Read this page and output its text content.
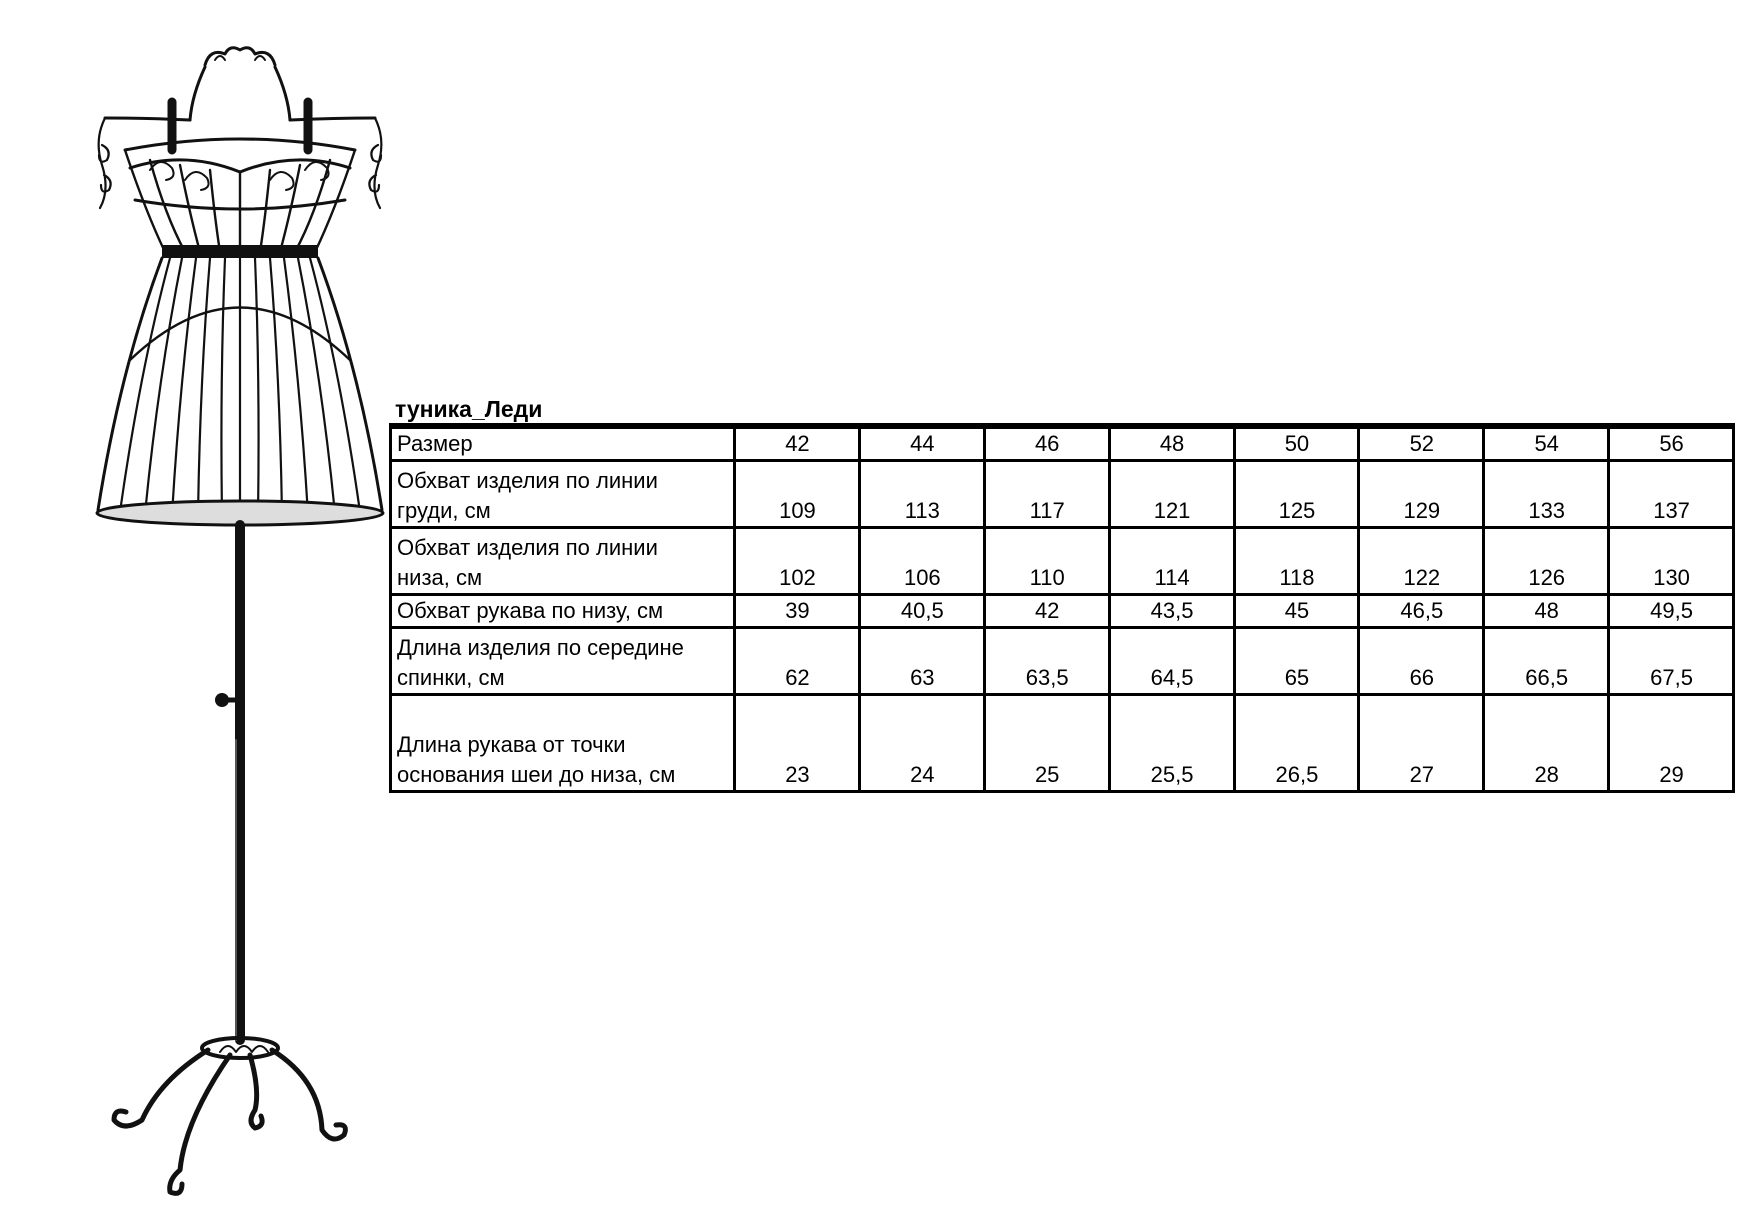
туника_Леди
Размер	42	44	46	48	50	52	54	56
Обхват изделия по линии
груди, см	109	113	117	121	125	129	133	137
Обхват изделия по линии
низа, см	102	106	110	114	118	122	126	130
Обхват рукава по низу, см	39	40,5	42	43,5	45	46,5	48	49,5
Длина изделия по середине
спинки, см	62	63	63,5	64,5	65	66	66,5	67,5
Длина рукава от точки
основания шеи до низа, см	23	24	25	25,5	26,5	27	28	29
